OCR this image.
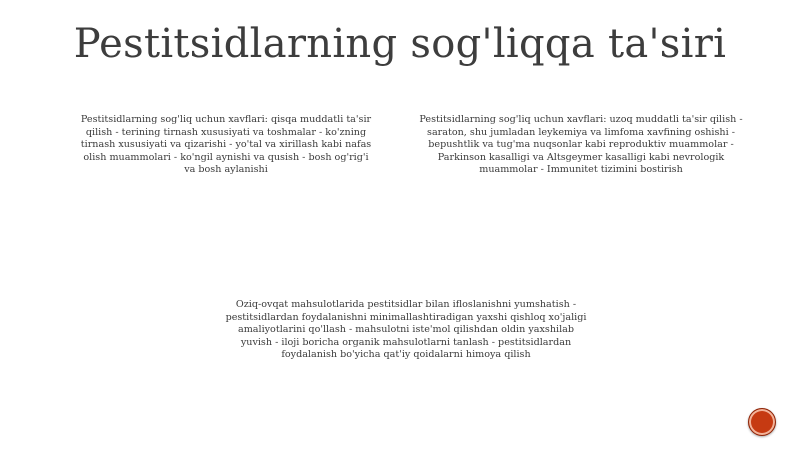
Pestitsidlarning sog'liqqa ta'siri
Pestitsidlarning sog'liq uchun xavflari: qisqa muddatli ta'sir qilish - terining tirnash xususiyati va toshmalar - ko'zning tirnash xususiyati va qizarishi - yo'tal va xirillash kabi nafas olish muammolari - ko'ngil aynishi va qusish - bosh og'rig'i va bosh aylanishi
Pestitsidlarning sog'liq uchun xavflari: uzoq muddatli ta'sir qilish - saraton, shu jumladan leykemiya va limfoma xavfining oshishi - bepushtlik va tug'ma nuqsonlar kabi reproduktiv muammolar - Parkinson kasalligi va Altsgeymer kasalligi kabi nevrologik muammolar - Immunitet tizimini bostirish
Oziq-ovqat mahsulotlarida pestitsidlar bilan ifloslanishni yumshatish - pestitsidlardan foydalanishni minimallashtiradigan yaxshi qishloq xo'jaligi amaliyotlarini qo'llash - mahsulotni iste'mol qilishdan oldin yaxshilab yuvish - iloji boricha organik mahsulotlarni tanlash - pestitsidlardan foydalanish bo'yicha qat'iy qoidalarni himoya qilish
